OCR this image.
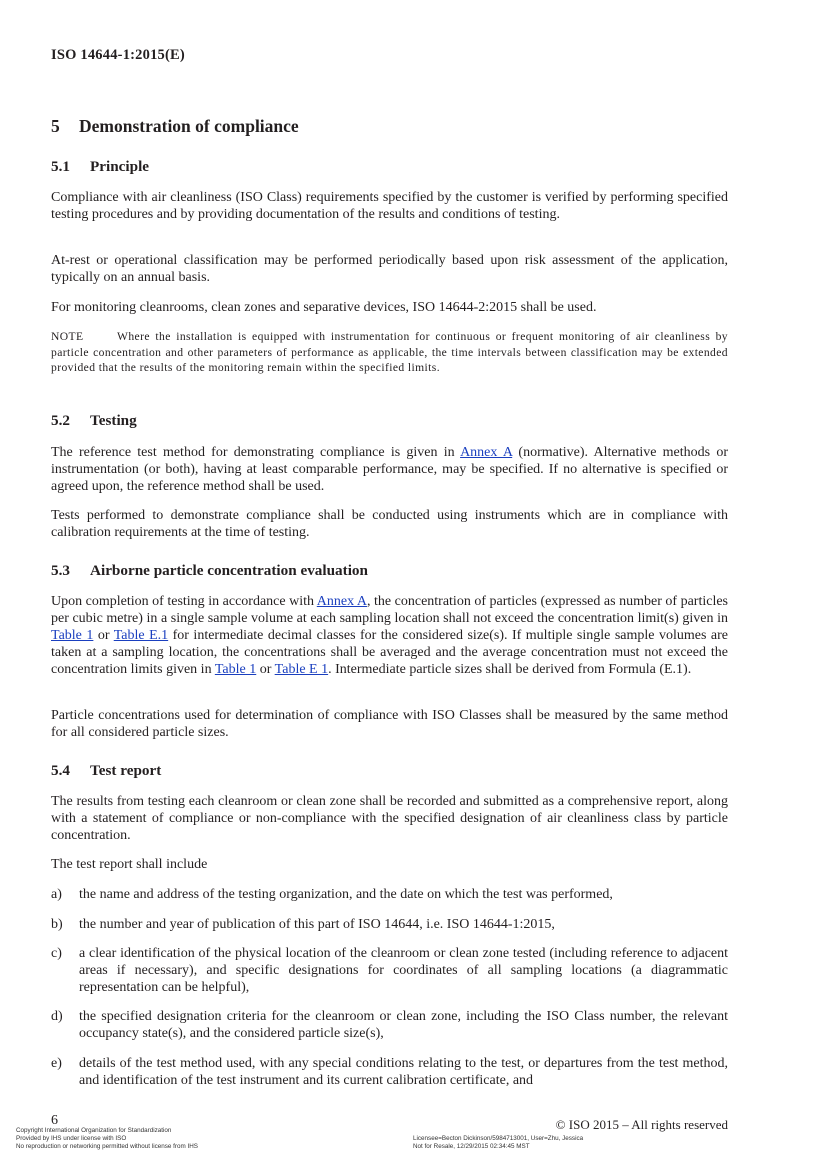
ISO 14644-1:2015(E)
5 Demonstration of compliance
5.1 Principle
Compliance with air cleanliness (ISO Class) requirements specified by the customer is verified by performing specified testing procedures and by providing documentation of the results and conditions of testing.
At-rest or operational classification may be performed periodically based upon risk assessment of the application, typically on an annual basis.
For monitoring cleanrooms, clean zones and separative devices, ISO 14644-2:2015 shall be used.
NOTE	Where the installation is equipped with instrumentation for continuous or frequent monitoring of air cleanliness by particle concentration and other parameters of performance as applicable, the time intervals between classification may be extended provided that the results of the monitoring remain within the specified limits.
5.2 Testing
The reference test method for demonstrating compliance is given in Annex A (normative). Alternative methods or instrumentation (or both), having at least comparable performance, may be specified. If no alternative is specified or agreed upon, the reference method shall be used.
Tests performed to demonstrate compliance shall be conducted using instruments which are in compliance with calibration requirements at the time of testing.
5.3 Airborne particle concentration evaluation
Upon completion of testing in accordance with Annex A, the concentration of particles (expressed as number of particles per cubic metre) in a single sample volume at each sampling location shall not exceed the concentration limit(s) given in Table 1 or Table E.1 for intermediate decimal classes for the considered size(s). If multiple single sample volumes are taken at a sampling location, the concentrations shall be averaged and the average concentration must not exceed the concentration limits given in Table 1 or Table E 1. Intermediate particle sizes shall be derived from Formula (E.1).
Particle concentrations used for determination of compliance with ISO Classes shall be measured by the same method for all considered particle sizes.
5.4 Test report
The results from testing each cleanroom or clean zone shall be recorded and submitted as a comprehensive report, along with a statement of compliance or non-compliance with the specified designation of air cleanliness class by particle concentration.
The test report shall include
a) the name and address of the testing organization, and the date on which the test was performed,
b) the number and year of publication of this part of ISO 14644, i.e. ISO 14644-1:2015,
c) a clear identification of the physical location of the cleanroom or clean zone tested (including reference to adjacent areas if necessary), and specific designations for coordinates of all sampling locations (a diagrammatic representation can be helpful),
d) the specified designation criteria for the cleanroom or clean zone, including the ISO Class number, the relevant occupancy state(s), and the considered particle size(s),
e) details of the test method used, with any special conditions relating to the test, or departures from the test method, and identification of the test instrument and its current calibration certificate, and
6	© ISO 2015 – All rights reserved
Copyright International Organization for Standardization
Provided by IHS under license with ISO
No reproduction or networking permitted without license from IHS
Licensee=Becton Dickinson/5984713001, User=Zhu, Jessica
Not for Resale, 12/29/2015 02:34:45 MST
